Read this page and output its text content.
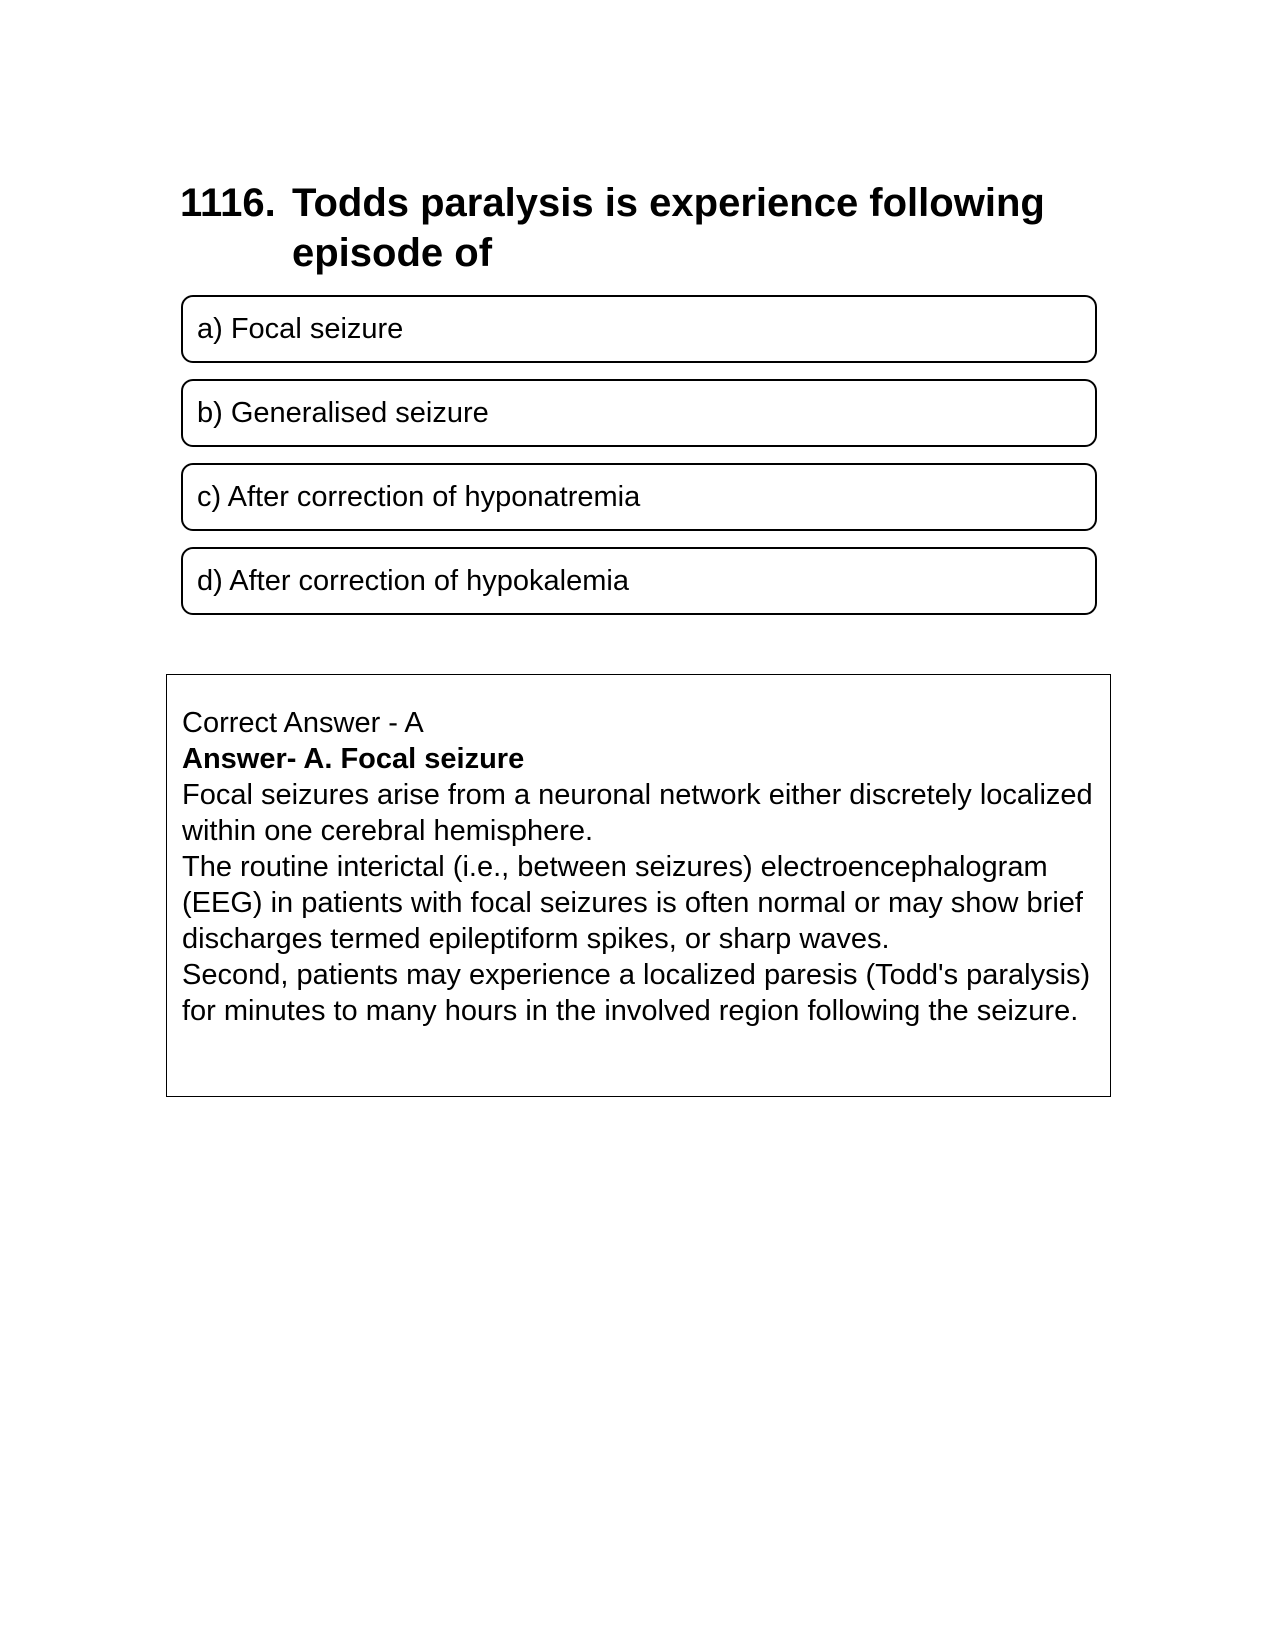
1116. Todds paralysis is experience following episode of
a) Focal seizure
b) Generalised seizure
c) After correction of hyponatremia
d) After correction of hypokalemia
Correct Answer - A
Answer- A. Focal seizure
Focal seizures arise from a neuronal network either discretely localized within one cerebral hemisphere.
The routine interictal (i.e., between seizures) electroencephalogram (EEG) in patients with focal seizures is often normal or may show brief discharges termed epileptiform spikes, or sharp waves.
Second, patients may experience a localized paresis (Todd's paralysis) for minutes to many hours in the involved region following the seizure.
